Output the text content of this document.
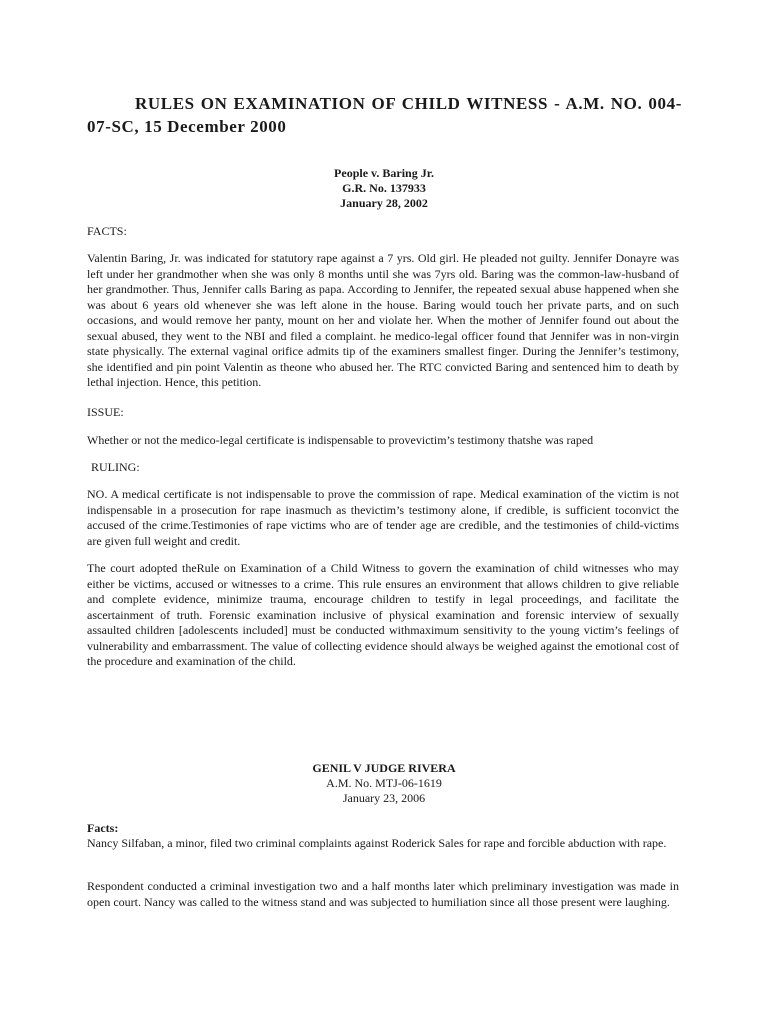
RULES ON EXAMINATION OF CHILD WITNESS - A.M. NO. 004-07-SC, 15 December 2000
People v. Baring Jr.
G.R. No. 137933
January 28, 2002
FACTS:
Valentin Baring, Jr. was indicated for statutory rape against a 7 yrs. Old girl. He pleaded not guilty. Jennifer Donayre was left under her grandmother when she was only 8 months until she was 7yrs old. Baring was the common-law-husband of her grandmother. Thus, Jennifer calls Baring as papa. According to Jennifer, the repeated sexual abuse happened when she was about 6 years old whenever she was left alone in the house. Baring would touch her private parts, and on such occasions, and would remove her panty, mount on her and violate her. When the mother of Jennifer found out about the sexual abused, they went to the NBI and filed a complaint. he medico-legal officer found that Jennifer was in non-virgin state physically. The external vaginal orifice admits tip of the examiners smallest finger. During the Jennifer’s testimony, she identified and pin point Valentin as theone who abused her. The RTC convicted Baring and sentenced him to death by lethal injection. Hence, this petition.
ISSUE:
Whether or not the medico-legal certificate is indispensable to provevictim’s testimony thatshe was raped
RULING:
NO. A medical certificate is not indispensable to prove the commission of rape. Medical examination of the victim is not indispensable in a prosecution for rape inasmuch as thevictim’s testimony alone, if credible, is sufficient toconvict the accused of the crime.Testimonies of rape victims who are of tender age are credible, and the testimonies of child-victims are given full weight and credit.
The court adopted theRule on Examination of a Child Witness to govern the examination of child witnesses who may either be victims, accused or witnesses to a crime. This rule ensures an environment that allows children to give reliable and complete evidence, minimize trauma, encourage children to testify in legal proceedings, and facilitate the ascertainment of truth. Forensic examination inclusive of physical examination and forensic interview of sexually assaulted children [adolescents included] must be conducted withmaximum sensitivity to the young victim’s feelings of vulnerability and embarrassment. The value of collecting evidence should always be weighed against the emotional cost of the procedure and examination of the child.
GENIL V JUDGE RIVERA
A.M. No. MTJ-06-1619
January 23, 2006
Facts:
Nancy Silfaban, a minor, filed two criminal complaints against Roderick Sales for rape and forcible abduction with rape.
Respondent conducted a criminal investigation two and a half months later which preliminary investigation was made in open court. Nancy was called to the witness stand and was subjected to humiliation since all those present were laughing.
